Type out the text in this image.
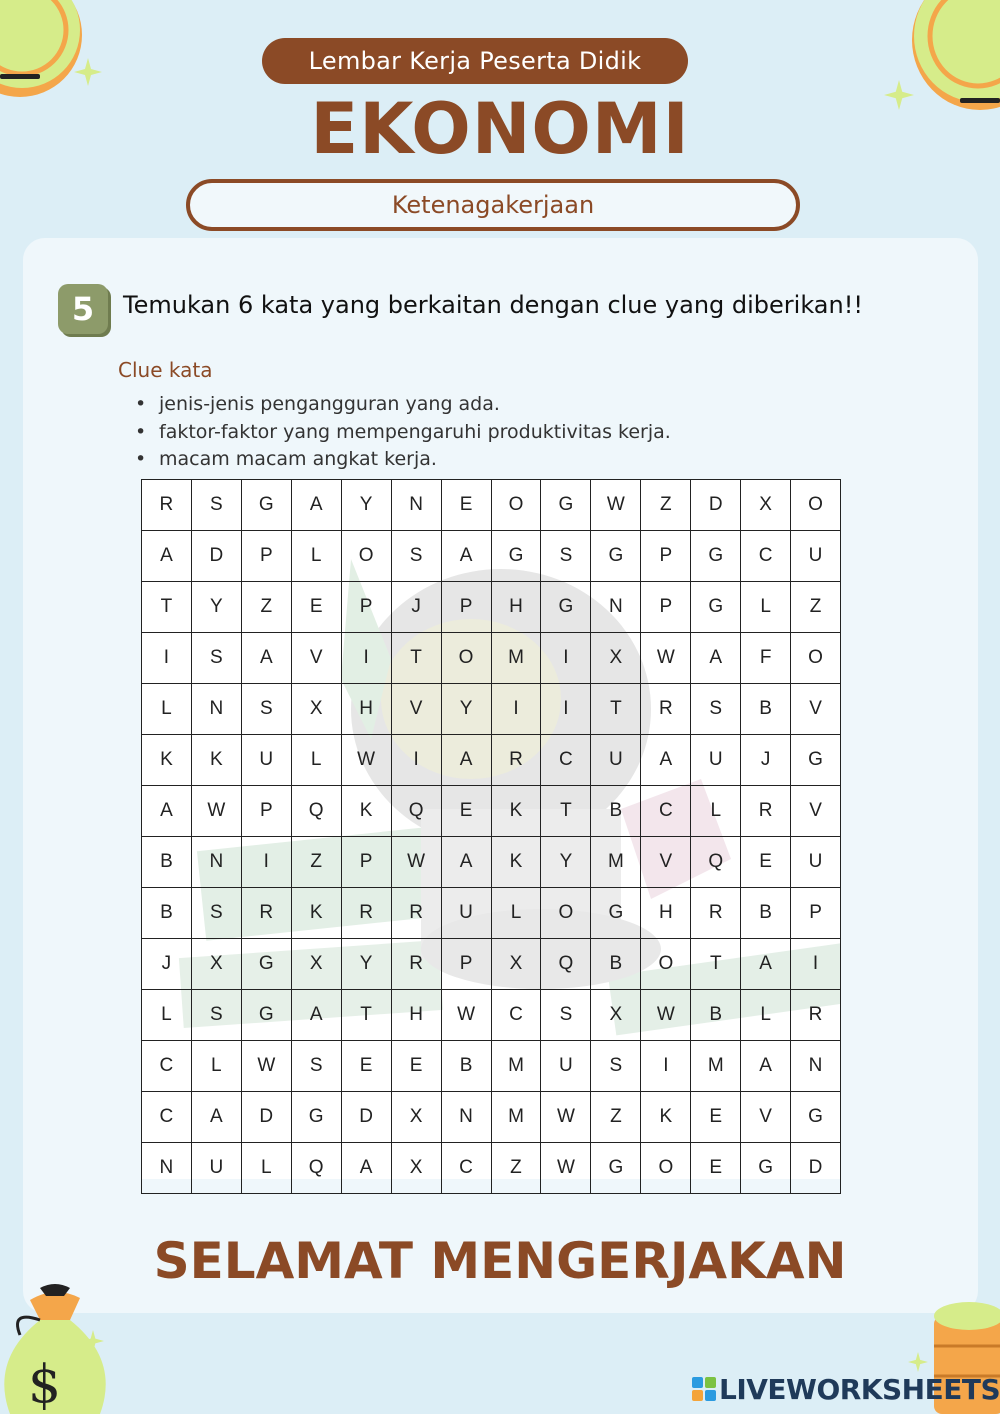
Lembar Kerja Peserta Didik
EKONOMI
Ketenagakerjaan
5	Temukan 6 kata yang berkaitan dengan clue yang diberikan!!
Clue kata
• jenis-jenis pengangguran yang ada.
• faktor-faktor yang mempengaruhi produktivitas kerja.
• macam macam angkat kerja.
R	S	G	A	Y	N	E	O	G	W	Z	D	X	O
A	D	P	L	O	S	A	G	S	G	P	G	C	U
T	Y	Z	E	P	J	P	H	G	N	P	G	L	Z
I	S	A	V	I	T	O	M	I	X	W	A	F	O
L	N	S	X	H	V	Y	I	I	T	R	S	B	V
K	K	U	L	W	I	A	R	C	U	A	U	J	G
A	W	P	Q	K	Q	E	K	T	B	C	L	R	V
B	N	I	Z	P	W	A	K	Y	M	V	Q	E	U
B	S	R	K	R	R	U	L	O	G	H	R	B	P
J	X	G	X	Y	R	P	X	Q	B	O	T	A	I
L	S	G	A	T	H	W	C	S	X	W	B	L	R
C	L	W	S	E	E	B	M	U	S	I	M	A	N
C	A	D	G	D	X	N	M	W	Z	K	E	V	G
N	U	L	Q	A	X	C	Z	W	G	O	E	G	D
SELAMAT MENGERJAKAN
$	LIVEWORKSHEETS
